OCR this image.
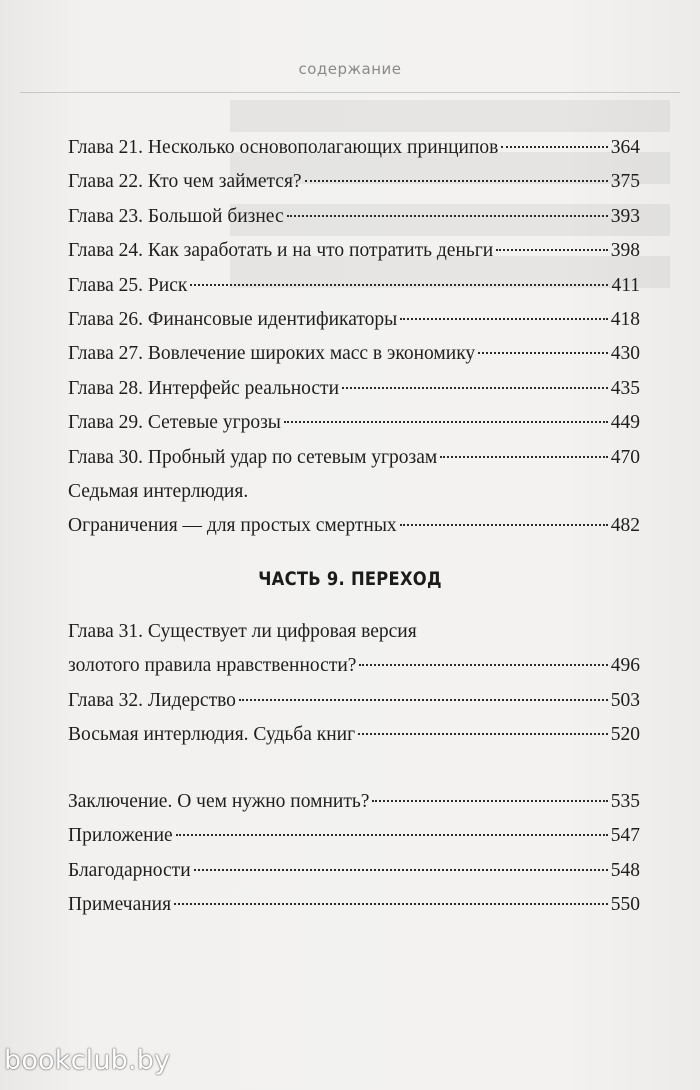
содержание
Глава 21. Несколько основополагающих принципов	364
Глава 22. Кто чем займется?	375
Глава 23. Большой бизнес	393
Глава 24. Как заработать и на что потратить деньги	398
Глава 25. Риск	411
Глава 26. Финансовые идентификаторы	418
Глава 27. Вовлечение широких масс в экономику	430
Глава 28. Интерфейс реальности	435
Глава 29. Сетевые угрозы	449
Глава 30. Пробный удар по сетевым угрозам	470
Седьмая интерлюдия.
Ограничения — для простых смертных	482
ЧАСТЬ 9. ПЕРЕХОД
Глава 31. Существует ли цифровая версия
золотого правила нравственности?	496
Глава 32. Лидерство	503
Восьмая интерлюдия. Судьба книг	520
Заключение. О чем нужно помнить?	535
Приложение	547
Благодарности	548
Примечания	550
bookclub.by
